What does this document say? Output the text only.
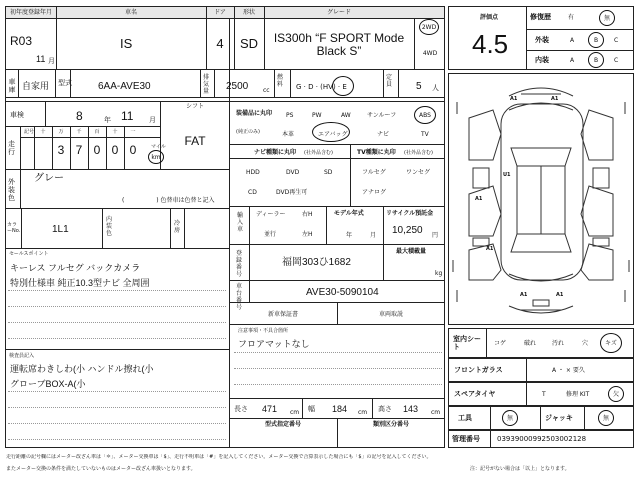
初年度登録年月	車名	ドア	形状	グレード
R03
11 月
IS	4	SD	IS300h “F SPORT Mode Black S”
2WD
4WD
車庫 自家用 型式	6AA-AVE30
排気量	2500 cc
燃料	G · D · (HV) · E
定員	5 人
車検	8	年 11 月
シフト
FAT
走行
記号	十	万
3
千
7
百
0
十
0
一
0	マイル
km
外装色
グレー
( 　　　　　) 色替車は色替と記入
カラーNo.	1L1
内装色
冷房
セールスポイント
キーレス フルセグ バックカメラ
特別仕様車 純正10.3型ナビ 全周囲
検査員記入
運転席わきしわ(小 ハンドル擦れ(小
グローブBOX-A(小
装備品に丸印
(純正のみ)
PS	PW	AW	サンルーフ	ABS
本革	エアバッグ	ナビ	TV
ナビ種類に丸印 (社外品含む)	TV種類に丸印 (社外品含む)
HDD	DVD	SD
CD	DVD再生可
フルセグ	ワンセグ
アナログ
輸入車
ディーラー
並行
右H
左H
モデル年式
年	月
リサイクル預託金
10,250 円
登録番号
福岡303ひ1682
最大積載量
kg
車台番号
AVE30-5090104
新車保証書	車両取説
注意事項・不具合箇所
フロアマットなし
長さ 471 cm 幅 184 cm 高さ 143 cm
型式指定番号	類別区分番号
評価点
4.5
修復歴	有	無
外装	A	B	C
内装	A	B	C
A1	A1
U1
A1
A1
A1	A1
室内シート	コゲ	破れ	汚れ	穴	キズ
フロントガラス	A ・ × 要久
スペアタイヤ	T	修理 KIT	欠
工具	無	ジャッキ	無
管理番号 03939000992503002128
走行距離の記号欄にはメーター改ざん車は「＊」、メーター交換車は「$」、走行不明車は「#」を記入してください。メーター交換で合算表示した場合にも「$」の記号を記入してください。
またメーター交換の条件を満たしていないものはメーター改ざん車扱いとなります。	注：記号がない場合は「以上」となります。
